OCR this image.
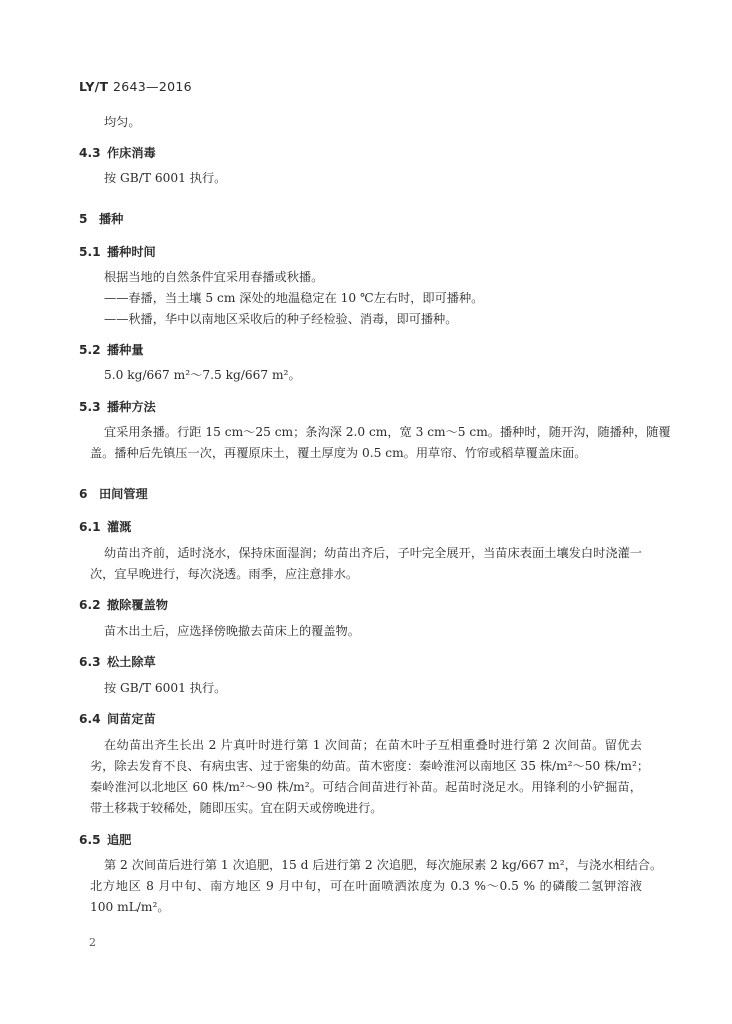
LY/T 2643—2016
均匀。
4.3 作床消毒
按 GB/T 6001 执行。
5 播种
5.1 播种时间
根据当地的自然条件宜采用春播或秋播。
——春播，当土壤 5 cm 深处的地温稳定在 10 ℃左右时，即可播种。
——秋播，华中以南地区采收后的种子经检验、消毒，即可播种。
5.2 播种量
5.0 kg/667 m²～7.5 kg/667 m²。
5.3 播种方法
宜采用条播。行距 15 cm～25 cm；条沟深 2.0 cm，宽 3 cm～5 cm。播种时，随开沟，随播种，随覆
盖。播种后先镇压一次，再覆原床土，覆土厚度为 0.5 cm。用草帘、竹帘或稻草覆盖床面。
6 田间管理
6.1 灌溉
幼苗出齐前，适时浇水，保持床面湿润；幼苗出齐后，子叶完全展开，当苗床表面土壤发白时浇灌一
次，宜早晚进行，每次浇透。雨季，应注意排水。
6.2 撤除覆盖物
苗木出土后，应选择傍晚撤去苗床上的覆盖物。
6.3 松土除草
按 GB/T 6001 执行。
6.4 间苗定苗
在幼苗出齐生长出 2 片真叶时进行第 1 次间苗；在苗木叶子互相重叠时进行第 2 次间苗。留优去
劣，除去发育不良、有病虫害、过于密集的幼苗。苗木密度：秦岭淮河以南地区 35 株/m²～50 株/m²；
秦岭淮河以北地区 60 株/m²～90 株/m²。可结合间苗进行补苗。起苗时浇足水。用锋利的小铲掘苗，
带土移栽于较稀处，随即压实。宜在阴天或傍晚进行。
6.5 追肥
第 2 次间苗后进行第 1 次追肥，15 d 后进行第 2 次追肥，每次施尿素 2 kg/667 m²，与浇水相结合。
北方地区 8 月中旬、南方地区 9 月中旬，可在叶面喷洒浓度为 0.3 %～0.5 % 的磷酸二氢钾溶液
100 mL/m²。
2
